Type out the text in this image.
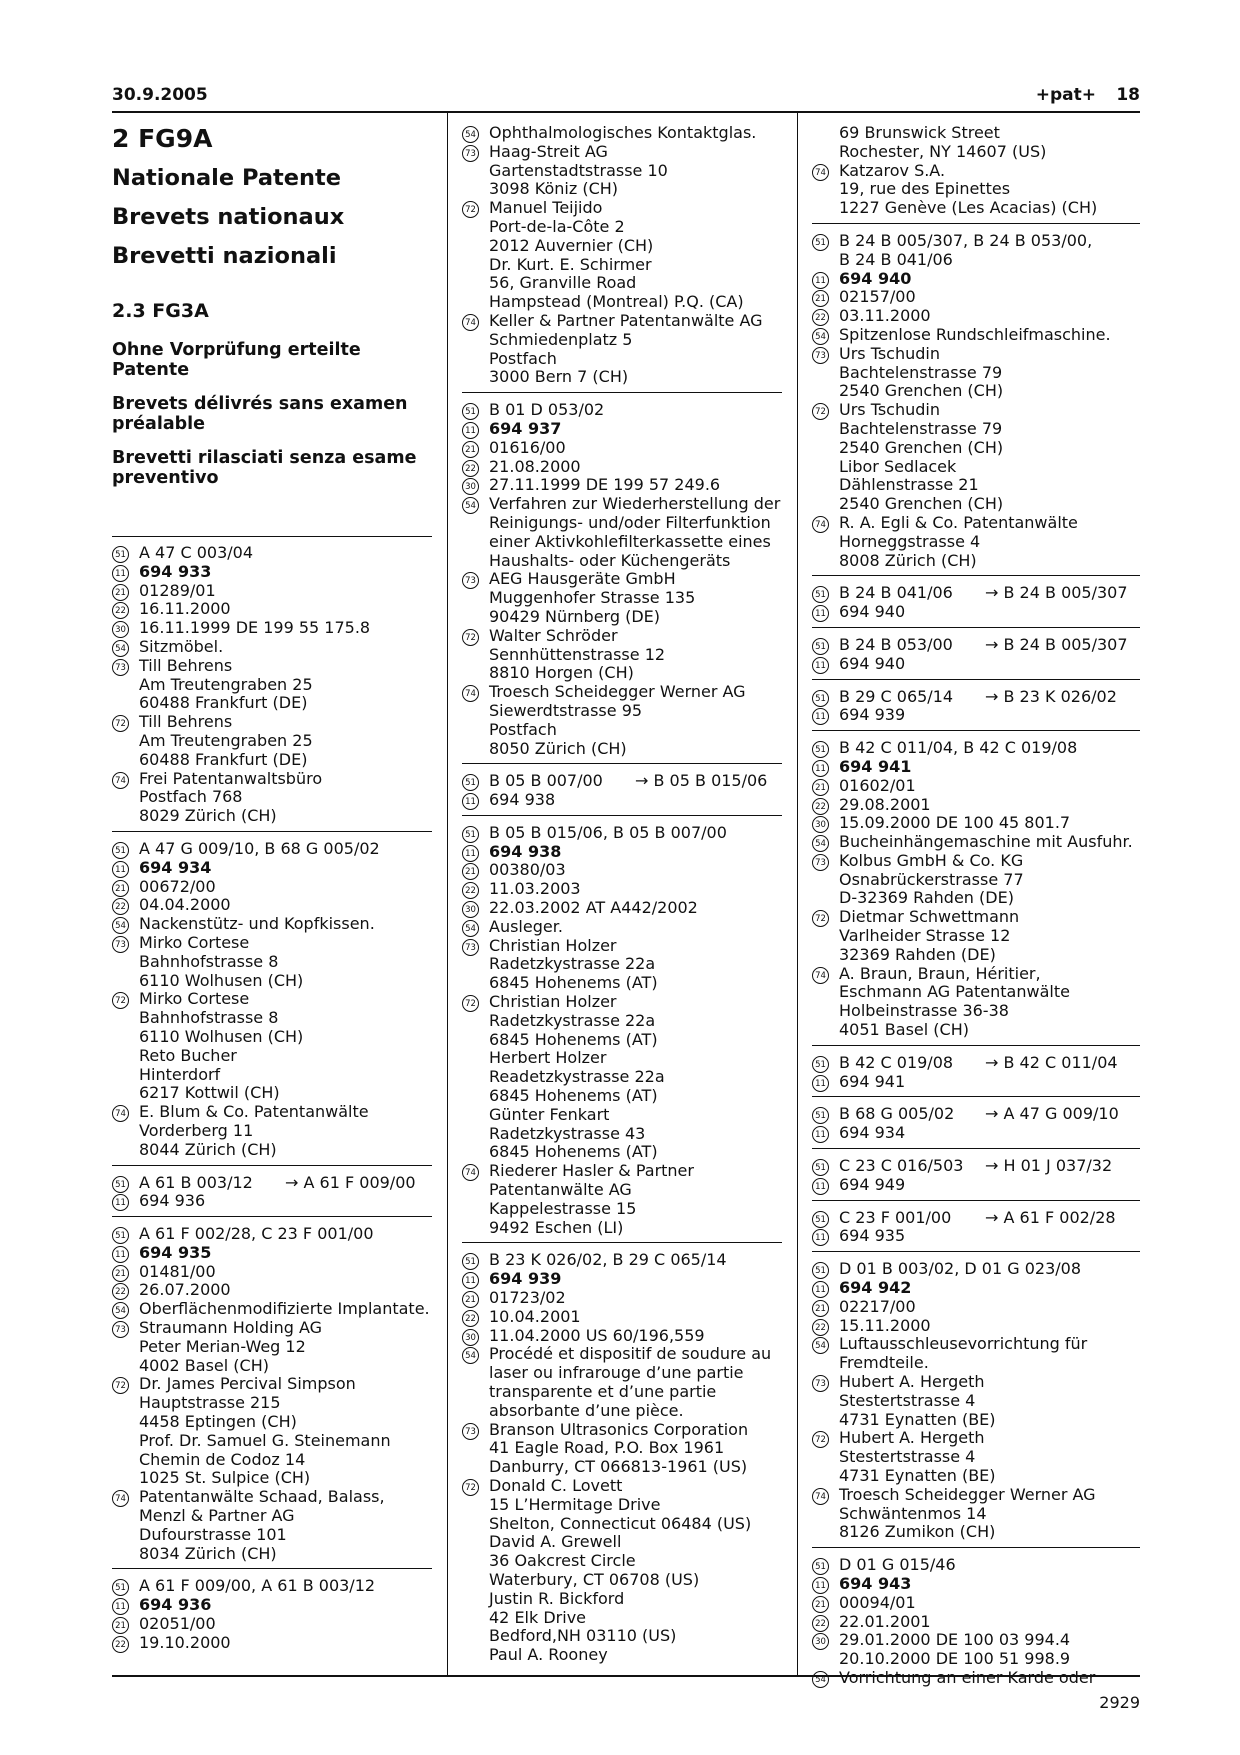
30.9.2005	+pat+ 18
2 FG9A
Nationale Patente
Brevets nationaux
Brevetti nazionali
2.3 FG3A
Ohne Vorprüfung erteilte Patente
Brevets délivrés sans examen préalable
Brevetti rilasciati senza esame preventivo
51 A 47 C 003/04
11 694 933
21 01289/01
22 16.11.2000
30 16.11.1999 DE 199 55 175.8
54 Sitzmöbel.
73 Till Behrens
Am Treutengraben 25
60488 Frankfurt (DE)
72 Till Behrens
Am Treutengraben 25
60488 Frankfurt (DE)
74 Frei Patentanwaltsbüro
Postfach 768
8029 Zürich (CH)
51 A 47 G 009/10, B 68 G 005/02
11 694 934
21 00672/00
22 04.04.2000
54 Nackenstütz- und Kopfkissen.
73 Mirko Cortese
Bahnhofstrasse 8
6110 Wolhusen (CH)
72 Mirko Cortese
Bahnhofstrasse 8
6110 Wolhusen (CH)
Reto Bucher
Hinterdorf
6217 Kottwil (CH)
74 E. Blum & Co. Patentanwälte
Vorderberg 11
8044 Zürich (CH)
51 A 61 B 003/12 → A 61 F 009/00
11 694 936
51 A 61 F 002/28, C 23 F 001/00
11 694 935
21 01481/00
22 26.07.2000
54 Oberflächenmodifizierte Implantate.
73 Straumann Holding AG
Peter Merian-Weg 12
4002 Basel (CH)
72 Dr. James Percival Simpson
Hauptstrasse 215
4458 Eptingen (CH)
Prof. Dr. Samuel G. Steinemann
Chemin de Codoz 14
1025 St. Sulpice (CH)
74 Patentanwälte Schaad, Balass,
Menzl & Partner AG
Dufourstrasse 101
8034 Zürich (CH)
51 A 61 F 009/00, A 61 B 003/12
11 694 936
21 02051/00
22 19.10.2000
54 Ophthalmologisches Kontaktglas.
73 Haag-Streit AG
Gartenstadtstrasse 10
3098 Köniz (CH)
72 Manuel Teijido
Port-de-la-Côte 2
2012 Auvernier (CH)
Dr. Kurt. E. Schirmer
56, Granville Road
Hampstead (Montreal) P.Q. (CA)
74 Keller & Partner Patentanwälte AG
Schmiedenplatz 5
Postfach
3000 Bern 7 (CH)
51 B 01 D 053/02
11 694 937
21 01616/00
22 21.08.2000
30 27.11.1999 DE 199 57 249.6
54 Verfahren zur Wiederherstellung der
Reinigungs- und/oder Filterfunktion
einer Aktivkohlefilterkassette eines
Haushalts- oder Küchengeräts
73 AEG Hausgeräte GmbH
Muggenhofer Strasse 135
90429 Nürnberg (DE)
72 Walter Schröder
Sennhüttenstrasse 12
8810 Horgen (CH)
74 Troesch Scheidegger Werner AG
Siewerdtstrasse 95
Postfach
8050 Zürich (CH)
51 B 05 B 007/00 → B 05 B 015/06
11 694 938
51 B 05 B 015/06, B 05 B 007/00
11 694 938
21 00380/03
22 11.03.2003
30 22.03.2002 AT A442/2002
54 Ausleger.
73 Christian Holzer
Radetzkystrasse 22a
6845 Hohenems (AT)
72 Christian Holzer
Radetzkystrasse 22a
6845 Hohenems (AT)
Herbert Holzer
Readetzkystrasse 22a
6845 Hohenems (AT)
Günter Fenkart
Radetzkystrasse 43
6845 Hohenems (AT)
74 Riederer Hasler & Partner
Patentanwälte AG
Kappelestrasse 15
9492 Eschen (LI)
51 B 23 K 026/02, B 29 C 065/14
11 694 939
21 01723/02
22 10.04.2001
30 11.04.2000 US 60/196,559
54 Procédé et dispositif de soudure au
laser ou infrarouge d’une partie
transparente et d’une partie
absorbante d’une pièce.
73 Branson Ultrasonics Corporation
41 Eagle Road, P.O. Box 1961
Danburry, CT 066813-1961 (US)
72 Donald C. Lovett
15 L’Hermitage Drive
Shelton, Connecticut 06484 (US)
David A. Grewell
36 Oakcrest Circle
Waterbury, CT 06708 (US)
Justin R. Bickford
42 Elk Drive
Bedford,NH 03110 (US)
Paul A. Rooney
69 Brunswick Street
Rochester, NY 14607 (US)
74 Katzarov S.A.
19, rue des Epinettes
1227 Genève (Les Acacias) (CH)
51 B 24 B 005/307, B 24 B 053/00,
B 24 B 041/06
11 694 940
21 02157/00
22 03.11.2000
54 Spitzenlose Rundschleifmaschine.
73 Urs Tschudin
Bachtelenstrasse 79
2540 Grenchen (CH)
72 Urs Tschudin
Bachtelenstrasse 79
2540 Grenchen (CH)
Libor Sedlacek
Dählenstrasse 21
2540 Grenchen (CH)
74 R. A. Egli & Co. Patentanwälte
Horneggstrasse 4
8008 Zürich (CH)
51 B 24 B 041/06 → B 24 B 005/307
11 694 940
51 B 24 B 053/00 → B 24 B 005/307
11 694 940
51 B 29 C 065/14 → B 23 K 026/02
11 694 939
51 B 42 C 011/04, B 42 C 019/08
11 694 941
21 01602/01
22 29.08.2001
30 15.09.2000 DE 100 45 801.7
54 Bucheinhängemaschine mit Ausfuhr.
73 Kolbus GmbH & Co. KG
Osnabrückerstrasse 77
D-32369 Rahden (DE)
72 Dietmar Schwettmann
Varlheider Strasse 12
32369 Rahden (DE)
74 A. Braun, Braun, Héritier,
Eschmann AG Patentanwälte
Holbeinstrasse 36-38
4051 Basel (CH)
51 B 42 C 019/08 → B 42 C 011/04
11 694 941
51 B 68 G 005/02 → A 47 G 009/10
11 694 934
51 C 23 C 016/503 → H 01 J 037/32
11 694 949
51 C 23 F 001/00 → A 61 F 002/28
11 694 935
51 D 01 B 003/02, D 01 G 023/08
11 694 942
21 02217/00
22 15.11.2000
54 Luftausschleusevorrichtung für
Fremdteile.
73 Hubert A. Hergeth
Stestertstrasse 4
4731 Eynatten (BE)
72 Hubert A. Hergeth
Stestertstrasse 4
4731 Eynatten (BE)
74 Troesch Scheidegger Werner AG
Schwäntenmos 14
8126 Zumikon (CH)
51 D 01 G 015/46
11 694 943
21 00094/01
22 22.01.2001
30 29.01.2000 DE 100 03 994.4
20.10.2000 DE 100 51 998.9
54 Vorrichtung an einer Karde oder
2929
